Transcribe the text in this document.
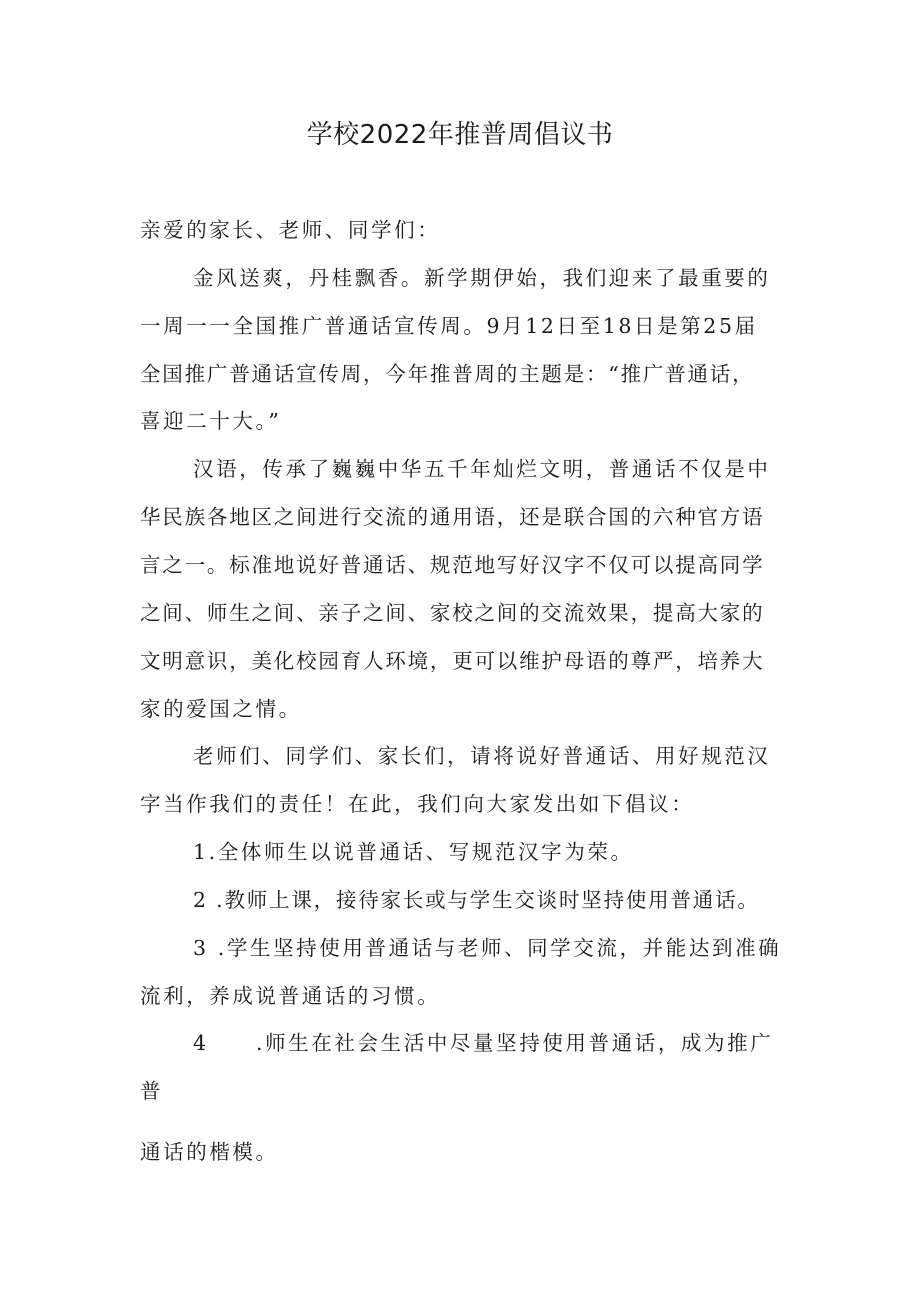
学校2022年推普周倡议书

亲爱的家长、老师、同学们：

金风送爽，丹桂飘香。新学期伊始，我们迎来了最重要的

一周一一全国推广普通话宣传周。9月12日至18日是第25届

全国推广普通话宣传周，今年推普周的主题是：“推广普通话，

喜迎二十大。”

汉语，传承了巍巍中华五千年灿烂文明，普通话不仅是中

华民族各地区之间进行交流的通用语，还是联合国的六种官方语

言之一。标准地说好普通话、规范地写好汉字不仅可以提高同学

之间、师生之间、亲子之间、家校之间的交流效果，提高大家的

文明意识，美化校园育人环境，更可以维护母语的尊严，培养大

家的爱国之情。

老师们、同学们、家长们，请将说好普通话、用好规范汉

字当作我们的责任！在此，我们向大家发出如下倡议：

1.全体师生以说普通话、写规范汉字为荣。

2 .教师上课，接待家长或与学生交谈时坚持使用普通话。

3 .学生坚持使用普通话与老师、同学交流，并能达到准确

流利，养成说普通话的习惯。

4 .师生在社会生活中尽量坚持使用普通话，成为推广

普

通话的楷模。
